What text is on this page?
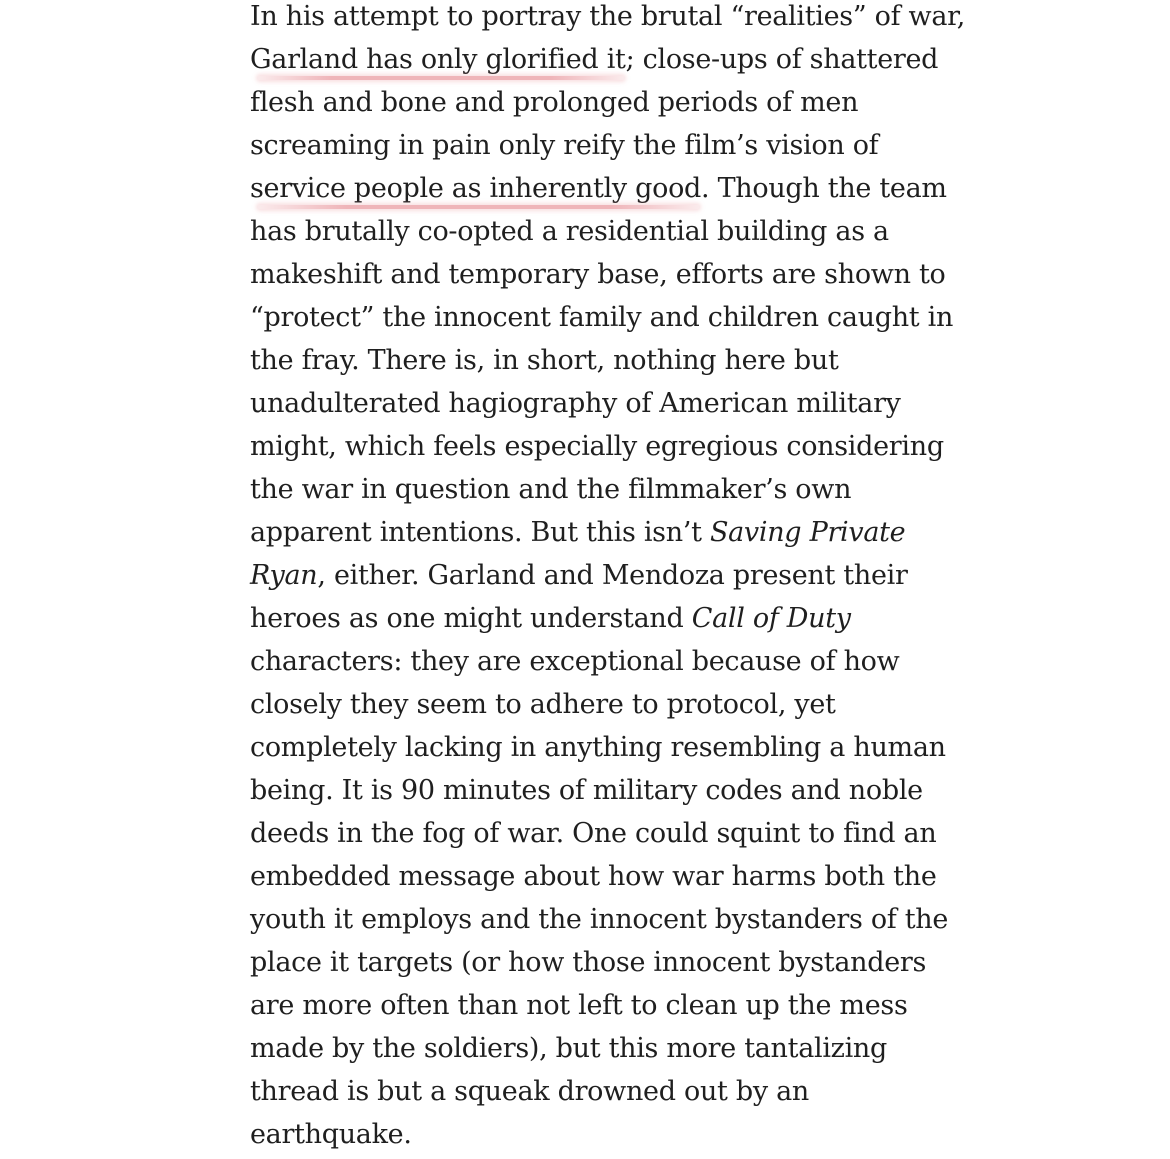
In his attempt to portray the brutal “realities” of war,
Garland has only glorified it; close-ups of shattered
flesh and bone and prolonged periods of men
screaming in pain only reify the film’s vision of
service people as inherently good. Though the team
has brutally co-opted a residential building as a
makeshift and temporary base, efforts are shown to
“protect” the innocent family and children caught in
the fray. There is, in short, nothing here but
unadulterated hagiography of American military
might, which feels especially egregious considering
the war in question and the filmmaker’s own
apparent intentions. But this isn’t Saving Private
Ryan, either. Garland and Mendoza present their
heroes as one might understand Call of Duty
characters: they are exceptional because of how
closely they seem to adhere to protocol, yet
completely lacking in anything resembling a human
being. It is 90 minutes of military codes and noble
deeds in the fog of war. One could squint to find an
embedded message about how war harms both the
youth it employs and the innocent bystanders of the
place it targets (or how those innocent bystanders
are more often than not left to clean up the mess
made by the soldiers), but this more tantalizing
thread is but a squeak drowned out by an
earthquake.
